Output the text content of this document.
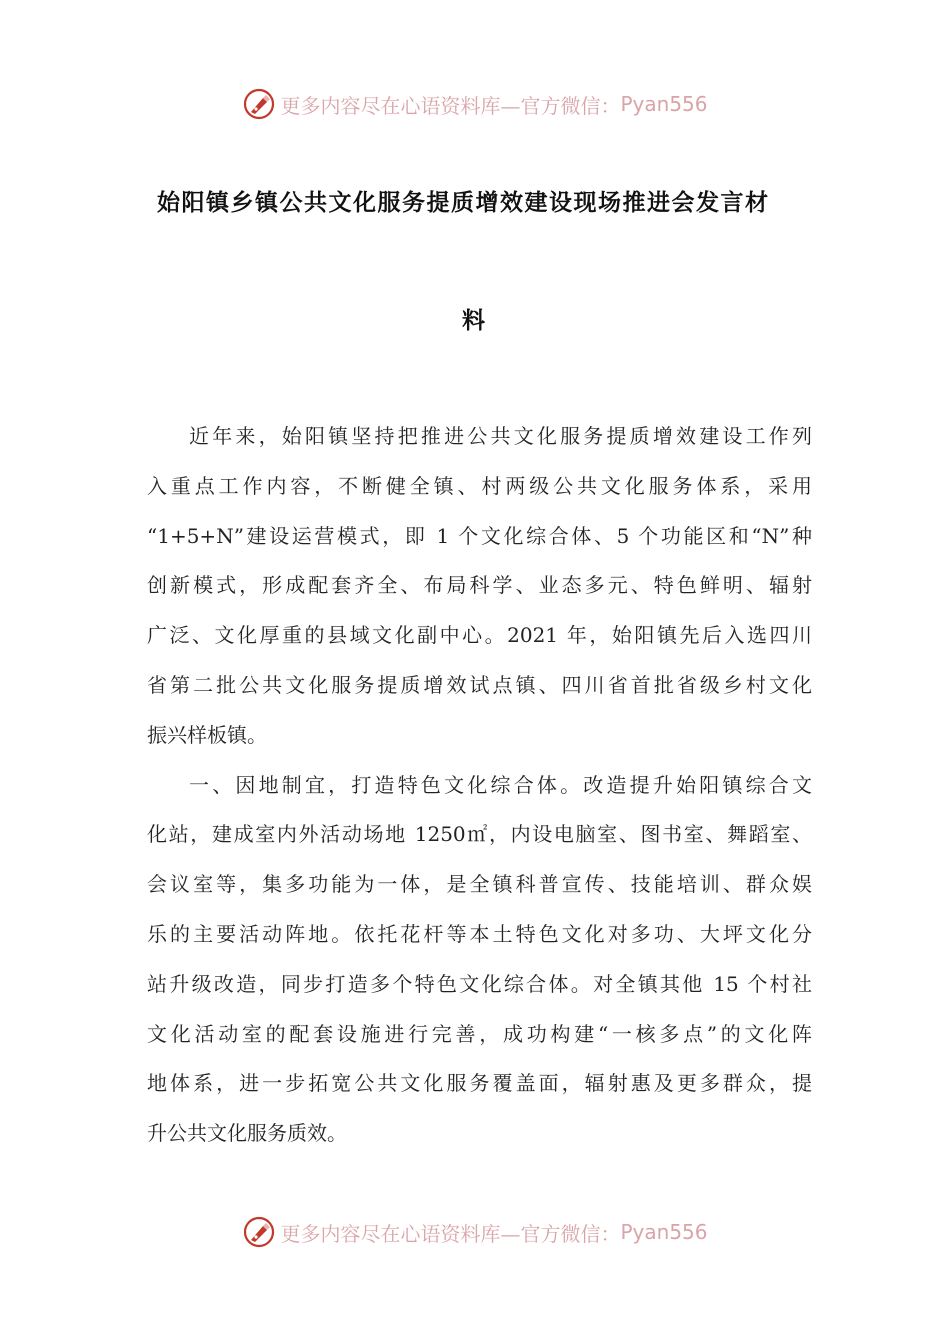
更多内容尽在心语资料库—官方微信： Pyan556
始阳镇乡镇公共文化服务提质增效建设现场推进会发言材
料
近年来，始阳镇坚持把推进公共文化服务提质增效建设工作列
入重点工作内容，不断健全镇、村两级公共文化服务体系，采用
“1+5+N”建设运营模式，即 1 个文化综合体、5 个功能区和“N”种
创新模式，形成配套齐全、布局科学、业态多元、特色鲜明、辐射
广泛、文化厚重的县域文化副中心。2021 年，始阳镇先后入选四川
省第二批公共文化服务提质增效试点镇、四川省首批省级乡村文化
振兴样板镇。
一、因地制宜，打造特色文化综合体。改造提升始阳镇综合文
化站，建成室内外活动场地 1250㎡，内设电脑室、图书室、舞蹈室、
会议室等，集多功能为一体，是全镇科普宣传、技能培训、群众娱
乐的主要活动阵地。依托花杆等本土特色文化对多功、大坪文化分
站升级改造，同步打造多个特色文化综合体。对全镇其他 15 个村社
文化活动室的配套设施进行完善，成功构建“一核多点”的文化阵
地体系，进一步拓宽公共文化服务覆盖面，辐射惠及更多群众，提
升公共文化服务质效。
更多内容尽在心语资料库—官方微信： Pyan556
